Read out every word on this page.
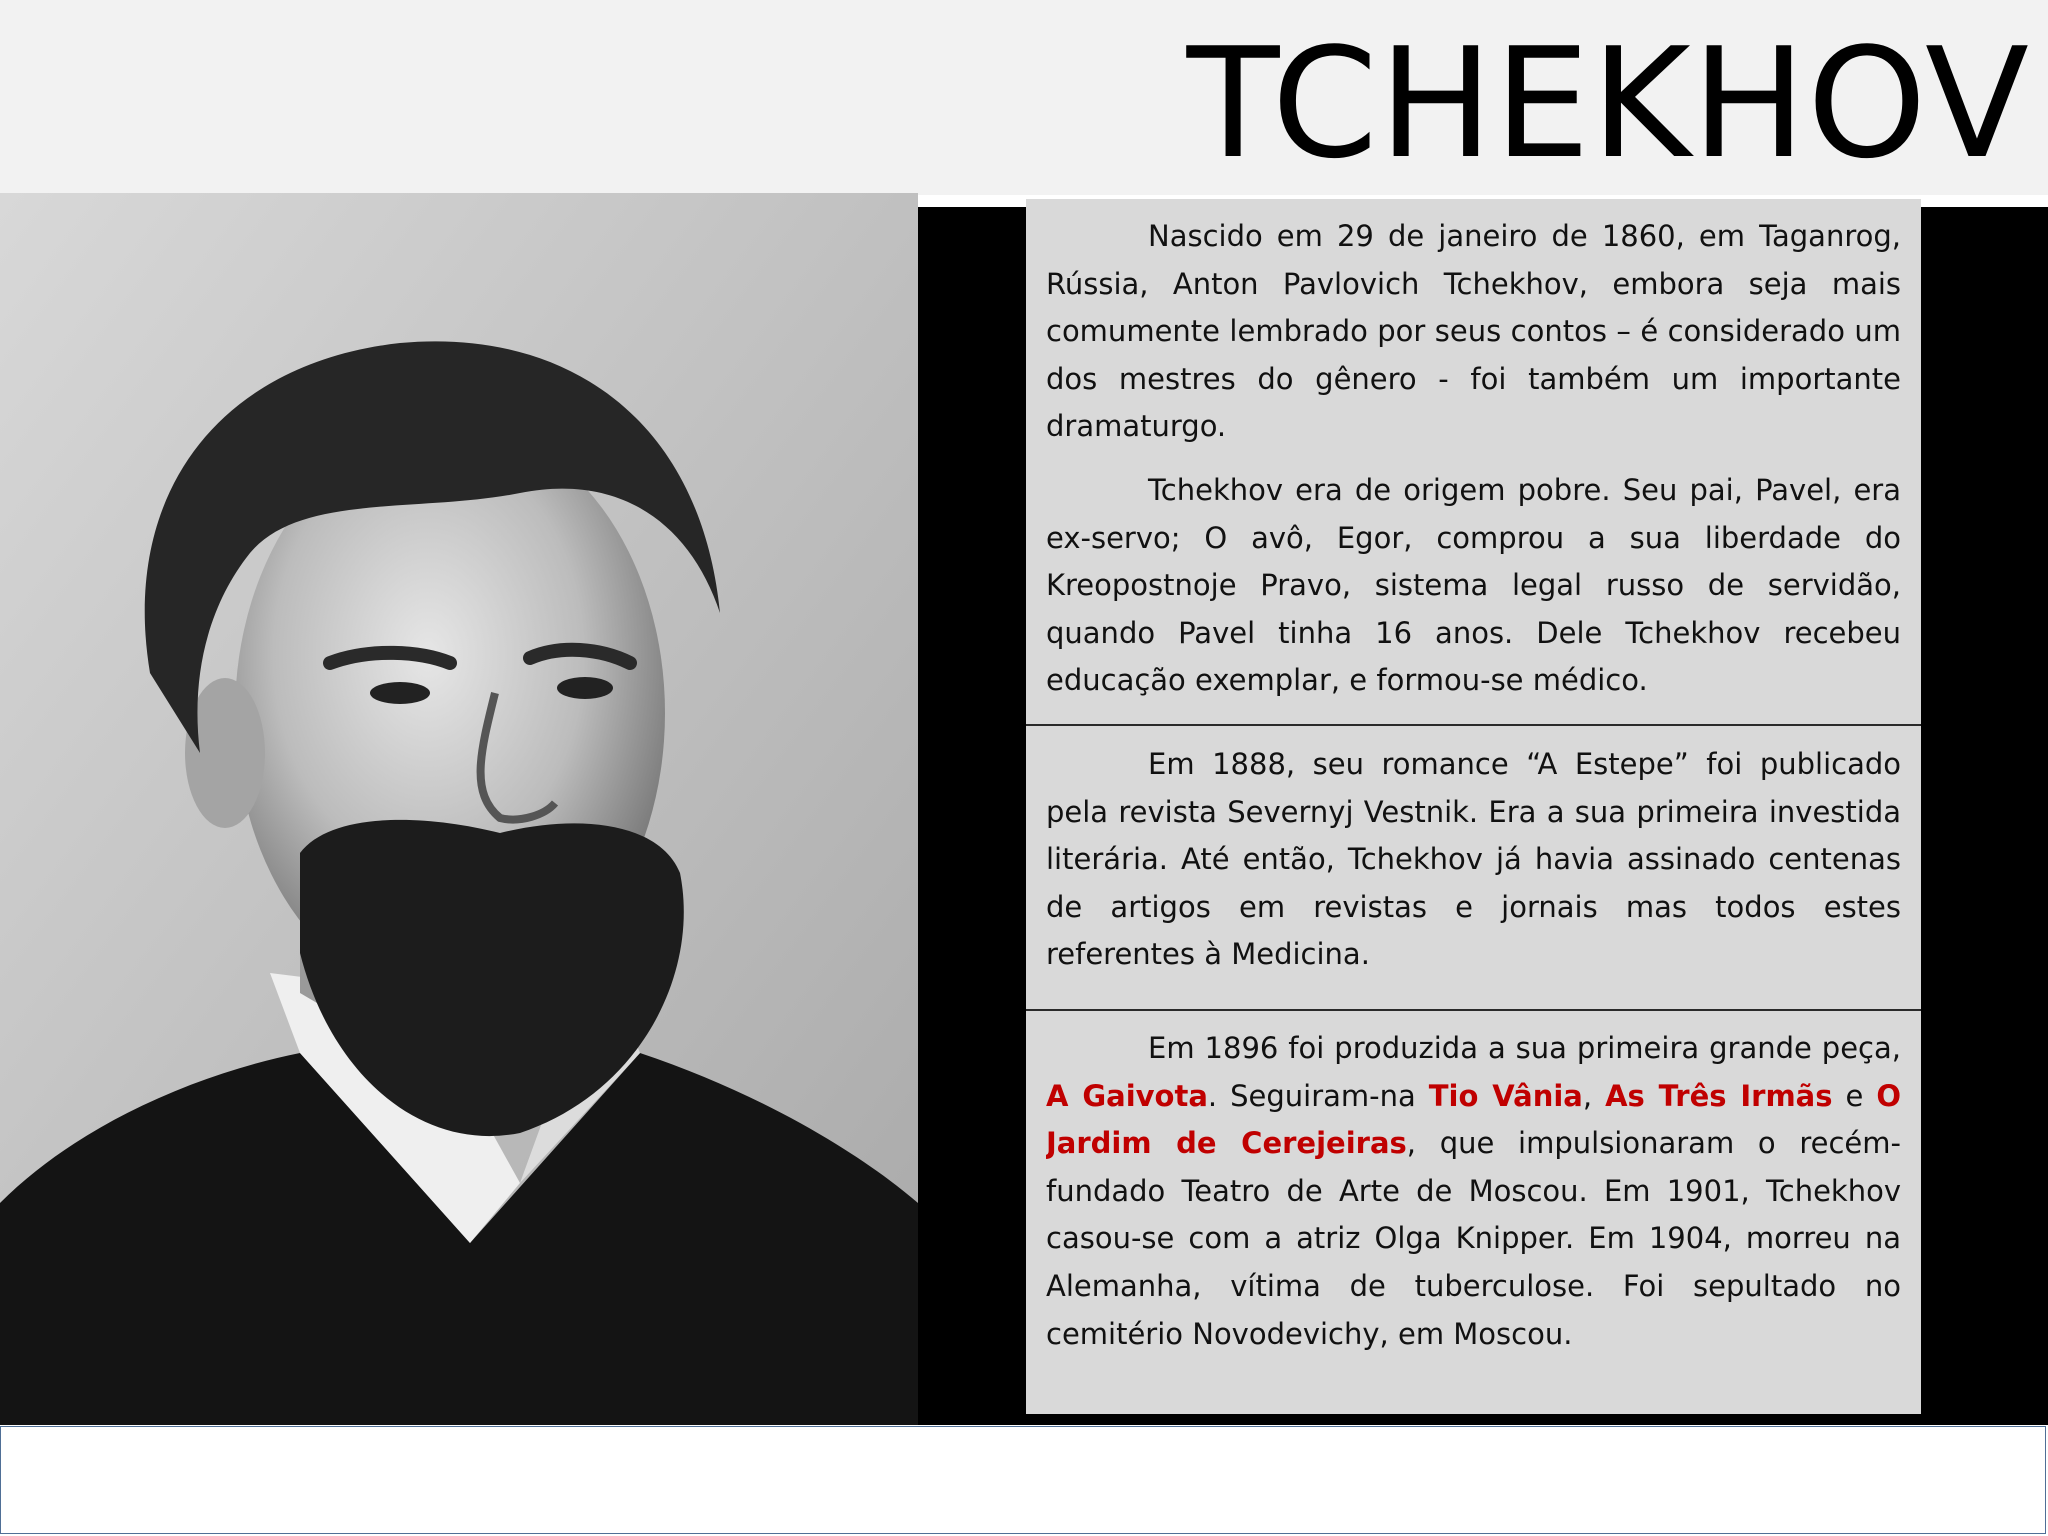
TCHEKHOV

Nascido em 29 de janeiro de 1860, em Taganrog, Rússia, Anton Pavlovich Tchekhov, embora seja mais comumente lembrado por seus contos – é considerado um dos mestres do gênero - foi também um importante dramaturgo.

Tchekhov era de origem pobre. Seu pai, Pavel, era ex-servo; O avô, Egor, comprou a sua liberdade do Kreopostnoje Pravo, sistema legal russo de servidão, quando Pavel tinha 16 anos. Dele Tchekhov recebeu educação exemplar, e formou-se médico.

Em 1888, seu romance “A Estepe” foi publicado pela revista Severnyj Vestnik. Era a sua primeira investida literária. Até então, Tchekhov já havia assinado centenas de artigos em revistas e jornais mas todos estes referentes à Medicina.

Em 1896 foi produzida a sua primeira grande peça, A Gaivota. Seguiram-na Tio Vânia, As Três Irmãs e O Jardim de Cerejeiras, que impulsionaram o recém-fundado Teatro de Arte de Moscou. Em 1901, Tchekhov casou-se com a atriz Olga Knipper. Em 1904, morreu na Alemanha, vítima de tuberculose. Foi sepultado no cemitério Novodevichy, em Moscou.
